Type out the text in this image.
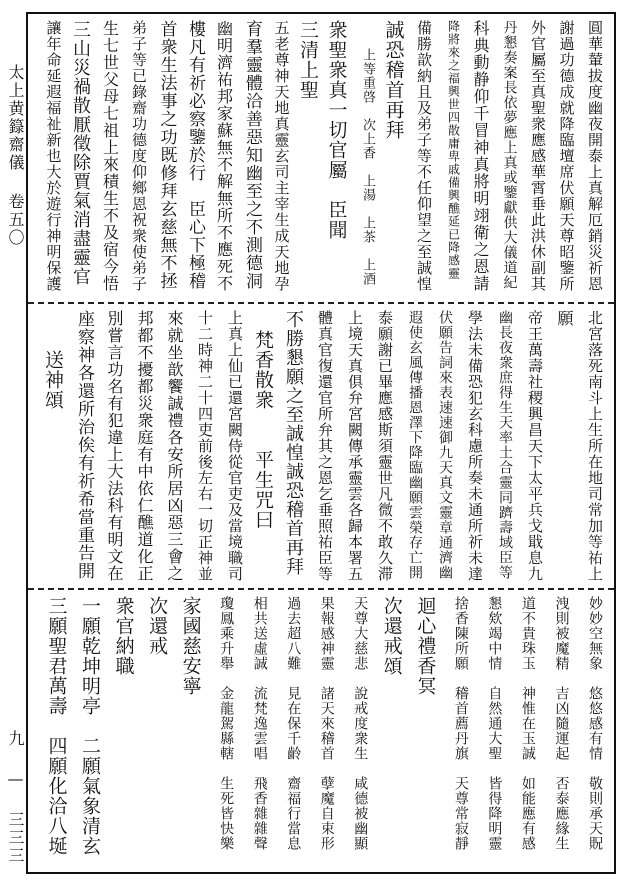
太上黄籙齋儀 卷五〇
九 — 三三三
圓華輦拔度幽夜開泰上真解厄銷災祈恩
謝過功德成就降臨壇席伏願天尊昭鑒所
外官屬至真聖衆應感華霄垂此洪休副其
丹懇奏案長依夢應上真或鑒獻供大儀道紀
科典動静仰千冒神真將明翊衛之恩請
降將來之福興世四散庸卑戚備興醮延已降感靈
備勝歆納且及弟子等不任仰望之至誠惶
誠恐稽首再拜
　　上等重啓　次上香　上湯　上茶　上酒
衆聖衆真一切官屬　臣聞
三清上聖
五老尊神天地真靈玄司主宰生成天地孕
育羣靈體洽善惡知幽至之不測德洞
幽明濟祐邦家蘇無不解無所不應死不
樓凡有祈必察鑒於行　臣心下極稽
首衆生法事之功既修拜玄慈無不拯
弟子等已錄齋功德度仰鄉恩祝衆使弟子
生七世父母七祖上來積生不及宿今悟
三山災禍散厭徵除賈氣消盡靈官
讓年命延遐福祉新也大於遊行神明保護
北宮落死南斗上生所在地司常加等祐上
願　　　　　　　　　　　　　　　
帝王萬壽社稷興昌天下太平兵戈戢息九
幽長夜衆庶得生天率土合靈同躋壽域臣等
學法未備恐犯玄科慮所奏未通所祈未達
伏願告詞來表速速御九天真文靈章通濟幽
遐使玄風傳播恩澤下降臨幽願雲榮存亡開
泰願謝已畢應感斯須靈世凡微不敢久滞
上境天真俱弁宮闕傳承靈雲各歸本署五
體真官復還官所弁其之恩乞垂照祐臣等
不勝懇願之至誠惶誠恐稽首再拜
　梵香散衆　　平生咒曰
上真上仙已還宮闕侍從官吏及當境職司
十二時神二十四吏前後左右一切正神並
來就坐歆饗誠禮各安所居凶惡三會之
邦都不擾都災衆庭有中依仁醮道化正
別嘗言功名有犯違上大法科有明文在
座察神各還所治俟有祈希當重告開
　　送神頌
妙妙空無象　悠悠感有情　敬則承天貺
洩則被魔精　吉凶隨運起　否泰應緣生
道不貴珠玉　神惟在玉誠　如能應有感
懇欸竭中情　自然通大聖　皆得降明靈
捨香陳所願　稽首薦丹旗　天尊常寂靜
迴心禮香冥
次還戒頌
天尊大慈悲　說戒度衆生　咸德被幽顯
果報感神靈　諸天來稽首　孽魔自束形
過去超八難　見在保千齡　齋福行當息
相共送虛誠　流梵逸雲唱　飛香雜雜聲
瓊鳳乘升舉　金龍駕縣轄　生死皆快樂
家國慈安寧
次還戒
衆官納職
一願乾坤明亭　二願氣象清玄
三願聖君萬壽　四願化洽八埏
